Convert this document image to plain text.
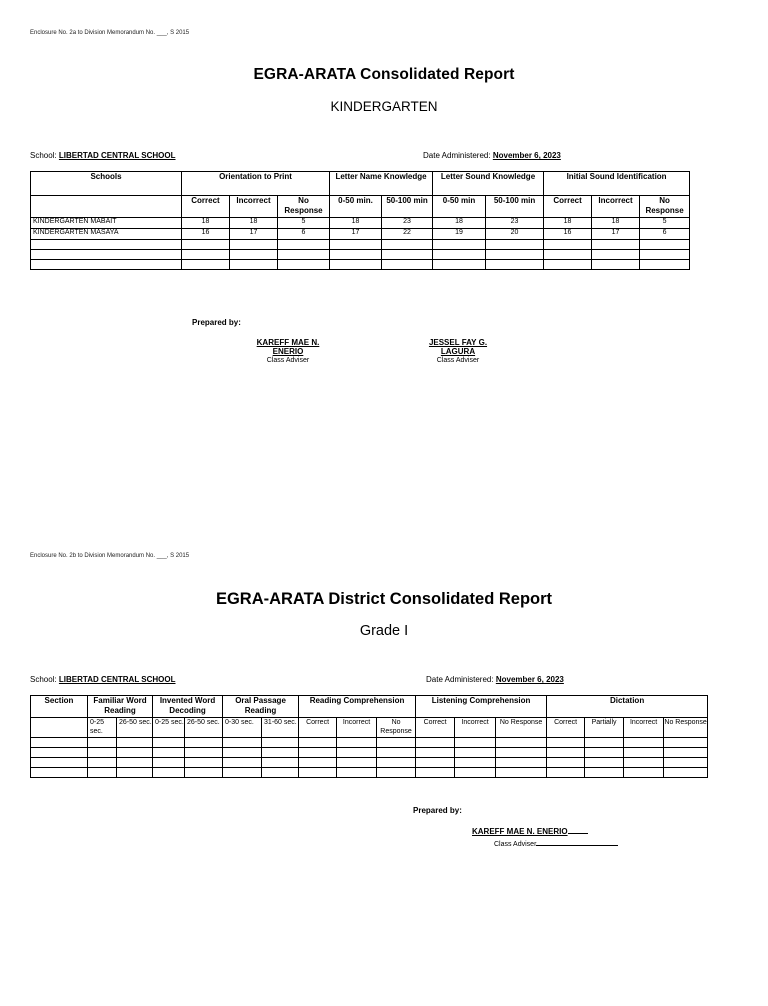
Enclosure No. 2a to Division Memorandum No. ___, S 2015
EGRA-ARATA Consolidated Report
KINDERGARTEN
School: LIBERTAD CENTRAL SCHOOL	Date Administered: November 6, 2023
Schools	Orientation to Print			Letter Name Knowledge		Letter Sound Knowledge		Initial Sound Identification		
	Correct	Incorrect	No Response	0-50 min.	50-100 min	0-50 min	50-100 min	Correct	Incorrect	No Response
KINDERGARTEN MABAIT	18	18	5	18	23	18	23	18	18	5
KINDERGARTEN MASAYA	16	17	6	17	22	19	20	16	17	6

Prepared by:
KAREFF MAE N. ENERIO
Class Adviser
JESSEL FAY G. LAGURA
Class Adviser
Enclosure No. 2b to Division Memorandum No. ___, S 2015
EGRA-ARATA District Consolidated Report
Grade I
School: LIBERTAD CENTRAL SCHOOL	Date Administered: November 6, 2023
Section	Familiar Word Reading		Invented Word Decoding		Oral Passage Reading		Reading Comprehension			Listening Comprehension			Dictation			
	0-25 sec.	26-50 sec.	0-25 sec.	26-50 sec.	0-30 sec.	31-60 sec.	Correct	Incorrect	No Response	Correct	Incorrect	No Response	Correct	Partially	Incorrect	No Response

Prepared by:
KAREFF MAE N. ENERIO
Class Adviser
